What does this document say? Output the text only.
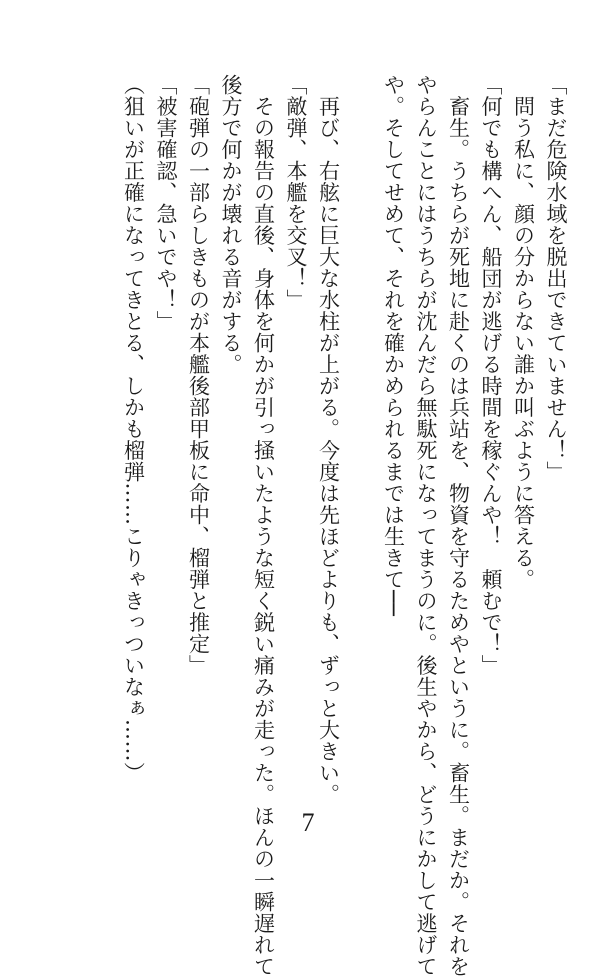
「まだ危険水域を脱出できていません！」
　問う私に、顔の分からない誰か叫ぶように答える。
「何でも構へん、船団が逃げる時間を稼ぐんや！　頼むで！」
　畜生。うちらが死地に赴くのは兵站を、物資を守るためやというに。畜生。まだか。それを
やらんことにはうちらが沈んだら無駄死になってまうのに。後生やから、どうにかして逃げて
や。そしてせめて、それを確かめられるまでは生きて──

　再び、右舷に巨大な水柱が上がる。今度は先ほどよりも、ずっと大きい。
「敵弾、本艦を交叉！」
　その報告の直後、身体を何かが引っ掻いたような短く鋭い痛みが走った。ほんの一瞬遅れて
後方で何かが壊れる音がする。
「砲弾の一部らしきものが本艦後部甲板に命中、榴弾と推定」
「被害確認、急いでや！」
（狙いが正確になってきとる、しかも榴弾……こりゃきっついなぁ……）
7
